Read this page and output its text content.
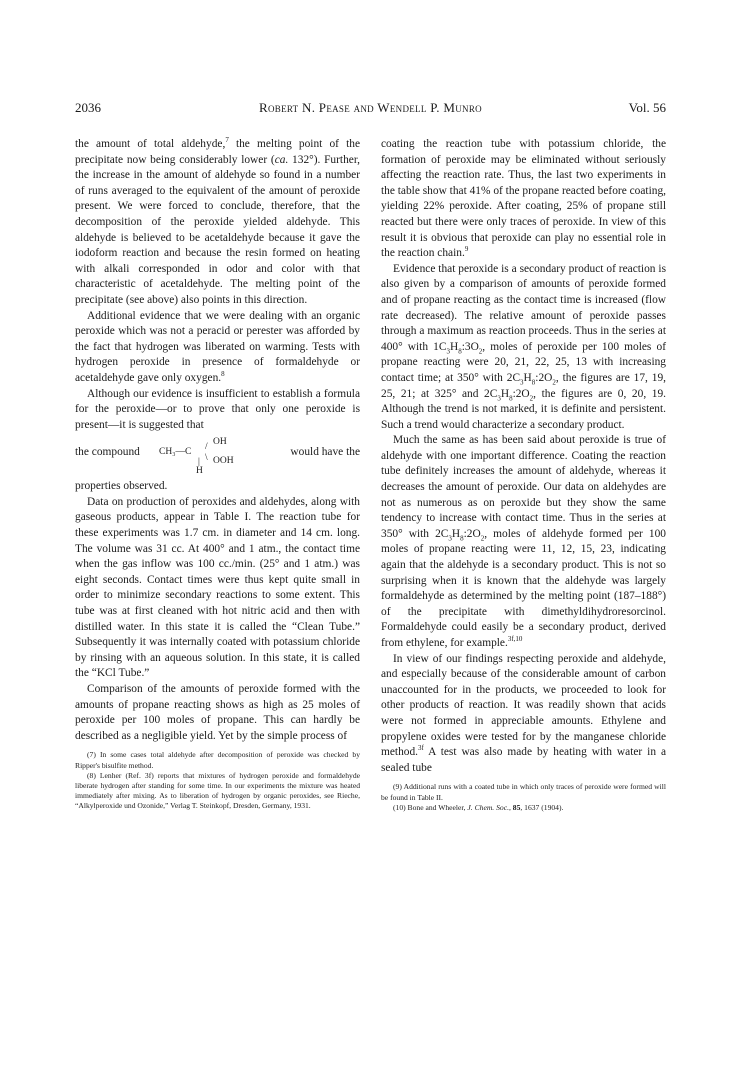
2036	Robert N. Pease and Wendell P. Munro	Vol. 56

the amount of total aldehyde,$^7$ the melting point of the precipitate now being considerably lower (ca. 132°). Further, the increase in the amount of aldehyde so found in a number of runs averaged to the equivalent of the amount of peroxide present. We were forced to conclude, therefore, that the decomposition of the peroxide yielded aldehyde. This aldehyde is believed to be acetaldehyde because it gave the iodoform reaction and because the resin formed on heating with alkali corresponded in odor and color with that characteristic of acetaldehyde. The melting point of the precipitate (see above) also points in this direction.

Additional evidence that we were dealing with an organic peroxide which was not a peracid or perester was afforded by the fact that hydrogen was liberated on warming. Tests with hydrogen peroxide in presence of formaldehyde or acetaldehyde gave only oxygen.$^8$

Although our evidence is insufficient to establish a formula for the peroxide—or to prove that only one peroxide is present—it is suggested that

the compound
OH
/
CH₃—C
\ OOH
|
H
would have the

properties observed.

Data on production of peroxides and aldehydes, along with gaseous products, appear in Table I. The reaction tube for these experiments was 1.7 cm. in diameter and 14 cm. long. The volume was 31 cc. At 400° and 1 atm., the contact time when the gas inflow was 100 cc./min. (25° and 1 atm.) was eight seconds. Contact times were thus kept quite small in order to minimize secondary reactions to some extent. This tube was at first cleaned with hot nitric acid and then with distilled water. In this state it is called the “Clean Tube.” Subsequently it was internally coated with potassium chloride by rinsing with an aqueous solution. In this state, it is called the “KCl Tube.”

Comparison of the amounts of peroxide formed with the amounts of propane reacting shows as high as 25 moles of peroxide per 100 moles of propane. This can hardly be described as a negligible yield. Yet by the simple process of

(7) In some cases total aldehyde after decomposition of peroxide was checked by Ripper's bisulfite method.

(8) Lenher (Ref. 3f) reports that mixtures of hydrogen peroxide and formaldehyde liberate hydrogen after standing for some time. In our experiments the mixture was heated immediately after mixing. As to liberation of hydrogen by organic peroxides, see Rieche, “Alkylperoxide und Ozonide,” Verlag T. Steinkopf, Dresden, Germany, 1931.

coating the reaction tube with potassium chloride, the formation of peroxide may be eliminated without seriously affecting the reaction rate. Thus, the last two experiments in the table show that 41% of the propane reacted before coating, yielding 22% peroxide. After coating, 25% of propane still reacted but there were only traces of peroxide. In view of this result it is obvious that peroxide can play no essential role in the reaction chain.$^9$

Evidence that peroxide is a secondary product of reaction is also given by a comparison of amounts of peroxide formed and of propane reacting as the contact time is increased (flow rate decreased). The relative amount of peroxide passes through a maximum as reaction proceeds. Thus in the series at 400° with $1C_3H_8:3O_2$, moles of peroxide per 100 moles of propane reacting were 20, 21, 22, 25, 13 with increasing contact time; at 350° with $2C_3H_8:2O_2$, the figures are 17, 19, 25, 21; at 325° and $2C_3H_8:2O_2$, the figures are 0, 20, 19. Although the trend is not marked, it is definite and persistent. Such a trend would characterize a secondary product.

Much the same as has been said about peroxide is true of aldehyde with one important difference. Coating the reaction tube definitely increases the amount of aldehyde, whereas it decreases the amount of peroxide. Our data on aldehydes are not as numerous as on peroxide but they show the same tendency to increase with contact time. Thus in the series at 350° with $2C_3H_8:2O_2$, moles of aldehyde formed per 100 moles of propane reacting were 11, 12, 15, 23, indicating again that the aldehyde is a secondary product. This is not so surprising when it is known that the aldehyde was largely formaldehyde as determined by the melting point (187–188°) of the precipitate with dimethyldihydroresorcinol. Formaldehyde could easily be a secondary product, derived from ethylene, for example.$^{3f,10}$

In view of our findings respecting peroxide and aldehyde, and especially because of the considerable amount of carbon unaccounted for in the products, we proceeded to look for other products of reaction. It was readily shown that acids were not formed in appreciable amounts. Ethylene and propylene oxides were tested for by the manganese chloride method.$^{3f}$ A test was also made by heating with water in a sealed tube

(9) Additional runs with a coated tube in which only traces of peroxide were formed will be found in Table II.

(10) Bone and Wheeler, J. Chem. Soc., 85, 1637 (1904).
